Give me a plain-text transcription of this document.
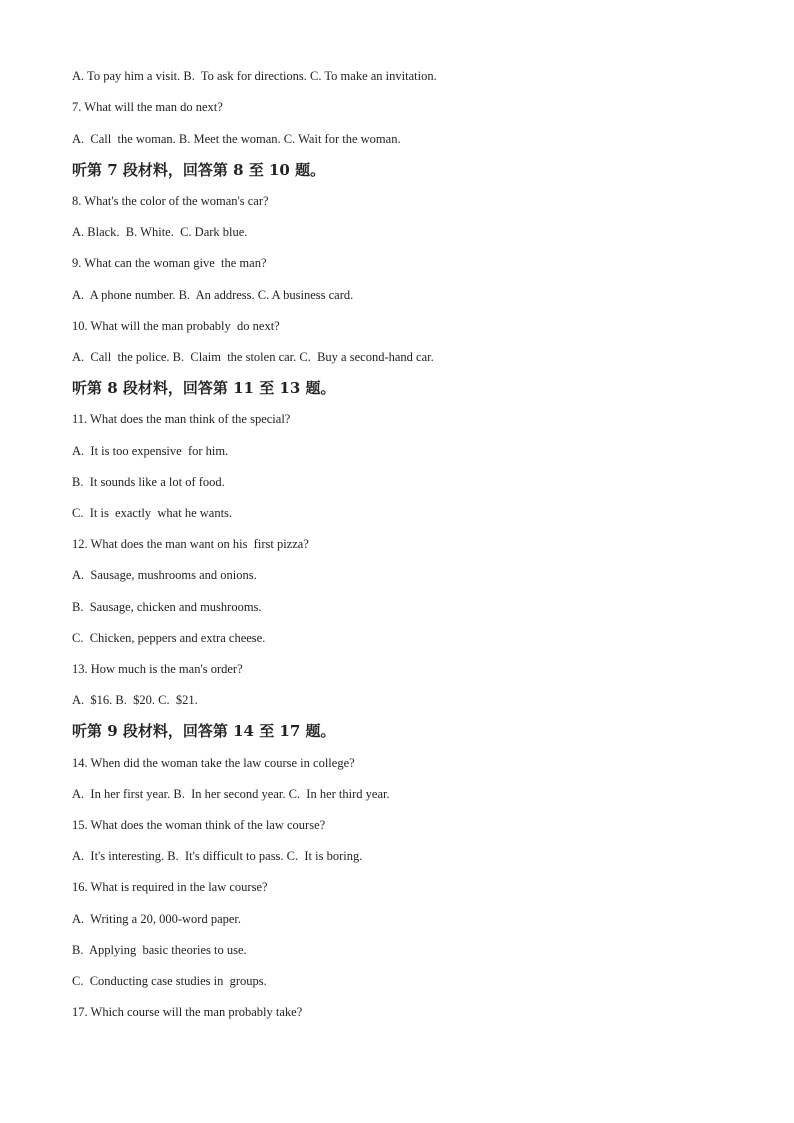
A. To pay him a visit. B.  To ask for directions. C. To make an invitation.
7. What will the man do next?
A.  Call  the woman. B. Meet the woman. C. Wait for the woman.
听第 7 段材料，回答第 8 至 10 题。
8. What's the color of the woman's car?
A. Black.  B. White.  C. Dark blue.
9. What can the woman give  the man?
A.  A phone number. B.  An address. C. A business card.
10. What will the man probably  do next?
A.  Call  the police. B.  Claim  the stolen car. C.  Buy a second-hand car.
听第 8 段材料，回答第 11 至 13 题。
11. What does the man think of the special?
A.  It is too expensive  for him.
B.  It sounds like a lot of food.
C.  It is  exactly  what he wants.
12. What does the man want on his  first pizza?
A.  Sausage, mushrooms and onions.
B.  Sausage, chicken and mushrooms.
C.  Chicken, peppers and extra cheese.
13. How much is the man's order?
A.  $16. B.  $20. C.  $21.
听第 9 段材料，回答第 14 至 17 题。
14. When did the woman take the law course in college?
A.  In her first year. B.  In her second year. C.  In her third year.
15. What does the woman think of the law course?
A.  It's interesting. B.  It's difficult to pass. C.  It is boring.
16. What is required in the law course?
A.  Writing a 20, 000-word paper.
B.  Applying  basic theories to use.
C.  Conducting case studies in  groups.
17. Which course will the man probably take?
